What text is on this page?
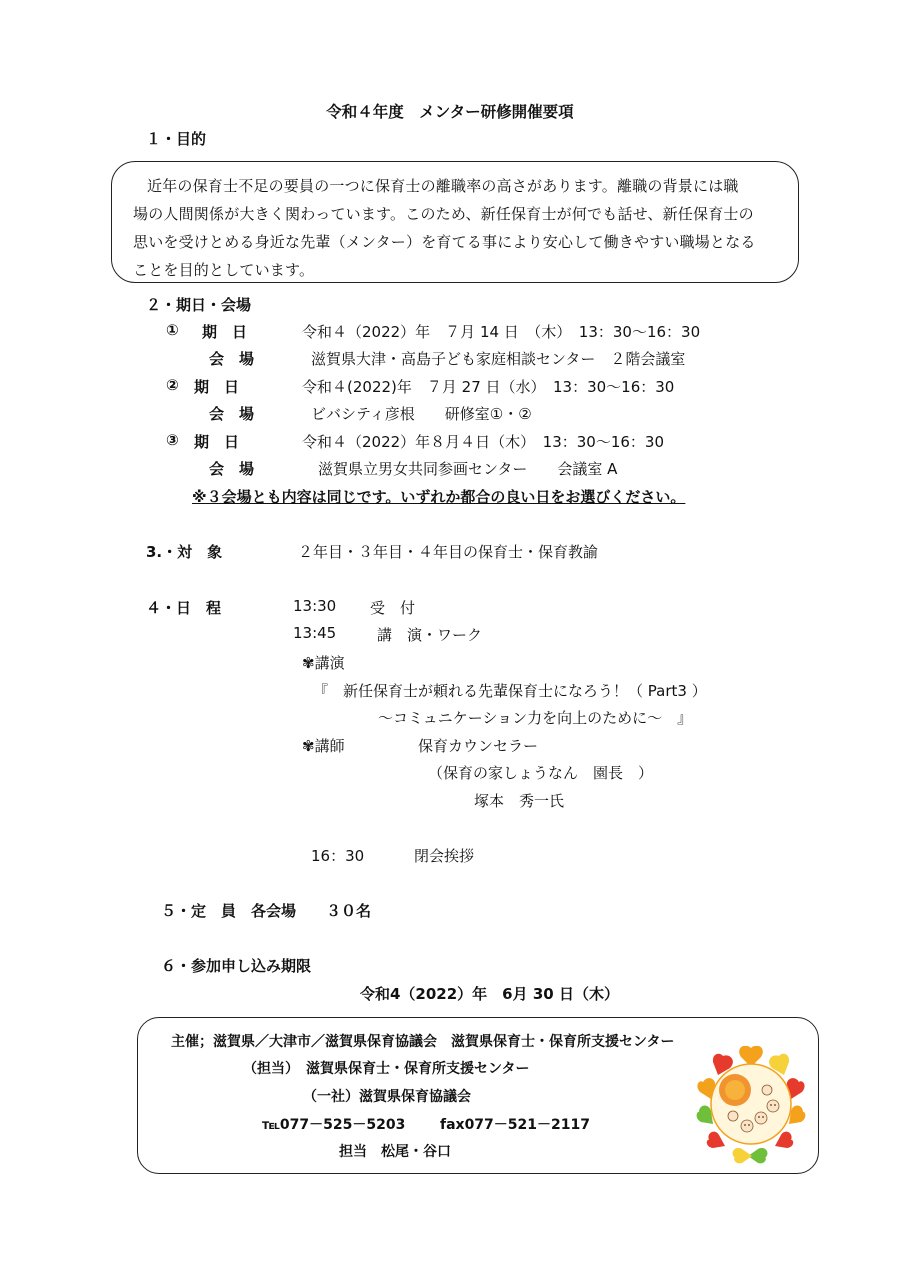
令和４年度　メンター研修開催要項
１・目的

近年の保育士不足の要員の一つに保育士の離職率の高さがあります。離職の背景には職

場の人間関係が大きく関わっています。このため、新任保育士が何でも話せ、新任保育士の

思いを受けとめる身近な先輩（メンター）を育てる事により安心して働きやすい職場となる

ことを目的としています。

２・期日・会場
① 期　日	令和４（2022）年　７月 14 日　（木）　13：30～16：30
会　場	滋賀県大津・高島子ども家庭相談センター　２階会議室
② 期　日	令和４(2022)年　７月 27 日（水）　13：30～16：30
会　場	ビバシティ彦根　　研修室①・②
③ 期　日	令和４（2022）年８月４日（木）　13：30～16：30
会　場	滋賀県立男女共同参画センター　　会議室 A
※３会場とも内容は同じです。いずれか都合の良い日をお選びください。
3.・対　象	２年目・３年目・４年目の保育士・保育教諭
４・日　程	13:30 受　付
13:45	講　演・ワーク
✾講演
『　新任保育士が頼れる先輩保育士になろう！（ Part3 ）
～コミュニケーション力を向上のために～　』
✾講師	保育カウンセラー
（保育の家しょうなん　園長　）
塚本　秀一氏
16：30	閉会挨拶
５・定　員　各会場　　３０名
６・参加申し込み期限
令和4（2022）年　6月 30 日（木）
主催；滋賀県／大津市／滋賀県保育協議会　滋賀県保育士・保育所支援センター
（担当）　滋賀県保育士・保育所支援センター
（一社）滋賀県保育協議会
℡077－525－5203 fax077－521－2117
担当　松尾・谷口
